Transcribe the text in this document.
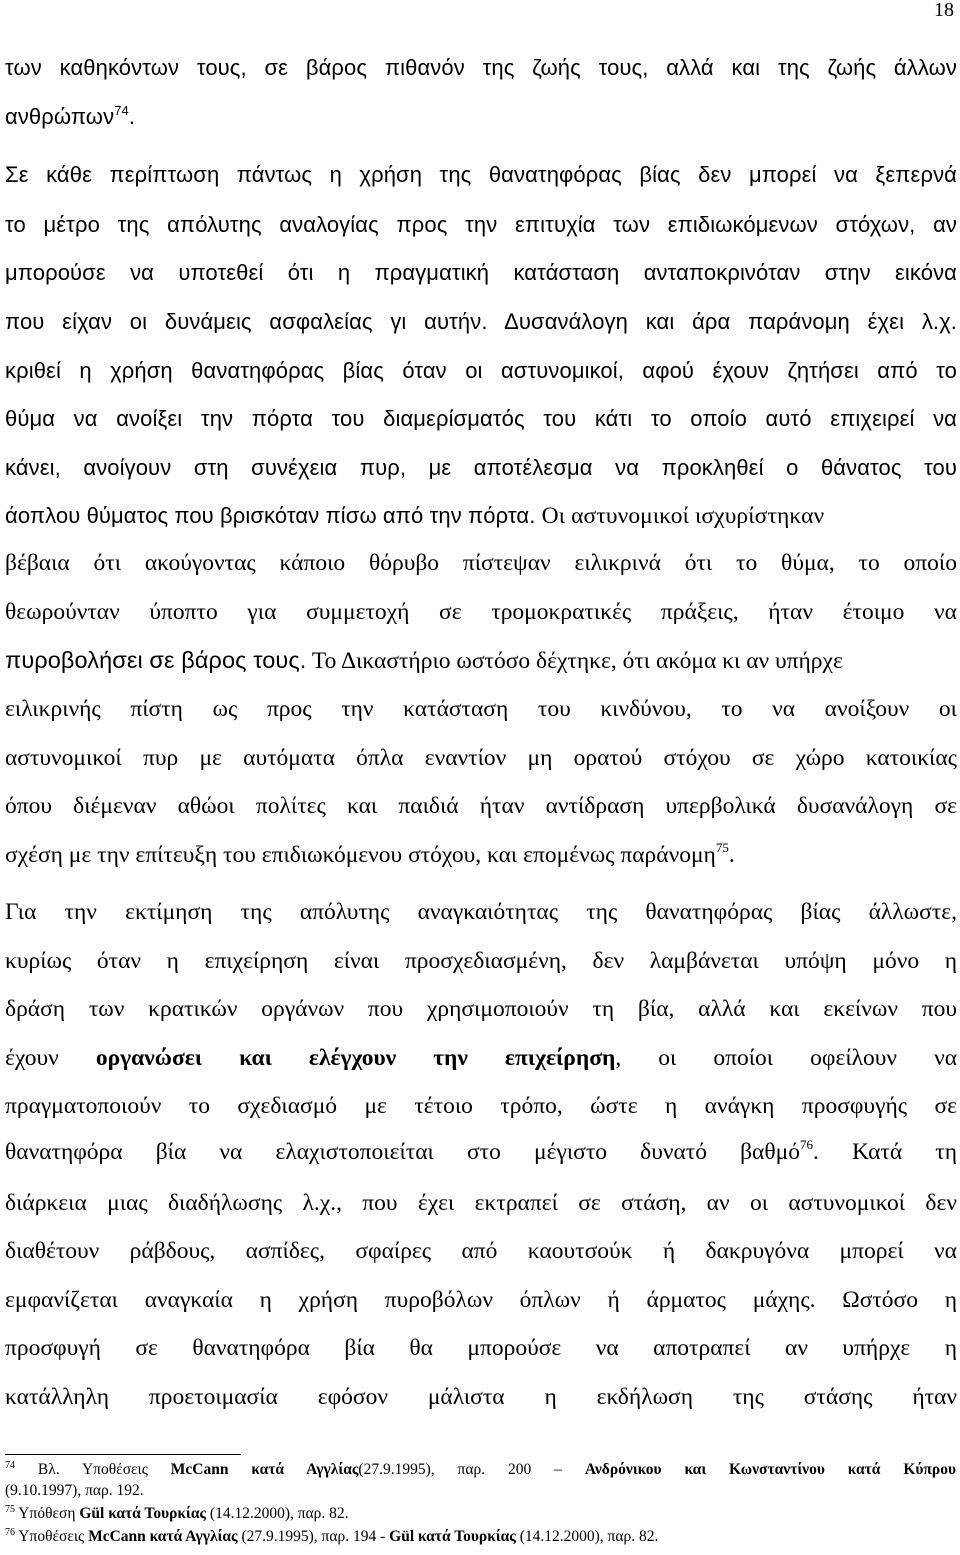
18
των καθηκόντων τους, σε βάρος πιθανόν της ζωής τους, αλλά και της ζωής άλλων
ανθρώπων$^{74}$.
Σε κάθε περίπτωση πάντως η χρήση της θανατηφόρας βίας δεν μπορεί να ξεπερνά
το μέτρο της απόλυτης αναλογίας προς την επιτυχία των επιδιωκόμενων στόχων, αν
μπορούσε να υποτεθεί ότι η πραγματική κατάσταση ανταποκρινόταν στην εικόνα
που είχαν οι δυνάμεις ασφαλείας γι αυτήν. Δυσανάλογη και άρα παράνομη έχει λ.χ.
κριθεί η χρήση θανατηφόρας βίας όταν οι αστυνομικοί, αφού έχουν ζητήσει από το
θύμα να ανοίξει την πόρτα του διαμερίσματός του κάτι το οποίο αυτό επιχειρεί να
κάνει, ανοίγουν στη συνέχεια πυρ, με αποτέλεσμα να προκληθεί ο θάνατος του
άοπλου θύματος που βρισκόταν πίσω από την πόρτα. Οι αστυνομικοί ισχυρίστηκαν
βέβαια ότι ακούγοντας κάποιο θόρυβο πίστεψαν ειλικρινά ότι το θύμα, το οποίο
θεωρούνταν ύποπτο για συμμετοχή σε τρομοκρατικές πράξεις, ήταν έτοιμο να
πυροβολήσει σε βάρος τους. Το Δικαστήριο ωστόσο δέχτηκε, ότι ακόμα κι αν υπήρχε
ειλικρινής πίστη ως προς την κατάσταση του κινδύνου, το να ανοίξουν οι
αστυνομικοί πυρ με αυτόματα όπλα εναντίον μη ορατού στόχου σε χώρο κατοικίας
όπου διέμεναν αθώοι πολίτες και παιδιά ήταν αντίδραση υπερβολικά δυσανάλογη σε
σχέση με την επίτευξη του επιδιωκόμενου στόχου, και επομένως παράνομη$^{75}$.
Για την εκτίμηση της απόλυτης αναγκαιότητας της θανατηφόρας βίας άλλωστε,
κυρίως όταν η επιχείρηση είναι προσχεδιασμένη, δεν λαμβάνεται υπόψη μόνο η
δράση των κρατικών οργάνων που χρησιμοποιούν τη βία, αλλά και εκείνων που
έχουν οργανώσει και ελέγχουν την επιχείρηση, οι οποίοι οφείλουν να
πραγματοποιούν το σχεδιασμό με τέτοιο τρόπο, ώστε η ανάγκη προσφυγής σε
θανατηφόρα βία να ελαχιστοποιείται στο μέγιστο δυνατό βαθμό$^{76}$. Κατά τη
διάρκεια μιας διαδήλωσης λ.χ., που έχει εκτραπεί σε στάση, αν οι αστυνομικοί δεν
διαθέτουν ράβδους, ασπίδες, σφαίρες από καουτσούκ ή δακρυγόνα μπορεί να
εμφανίζεται αναγκαία η χρήση πυροβόλων όπλων ή άρματος μάχης. Ωστόσο η
προσφυγή σε θανατηφόρα βία θα μπορούσε να αποτραπεί αν υπήρχε η
κατάλληλη προετοιμασία εφόσον μάλιστα η εκδήλωση της στάσης ήταν
$^{74}$ Βλ. Υποθέσεις McCann κατά Αγγλίας(27.9.1995), παρ. 200 – Ανδρόνικου και Κωνσταντίνου κατά Κύπρου
(9.10.1997), παρ. 192.
$^{75}$ Υπόθεση Gül κατά Τουρκίας (14.12.2000), παρ. 82.
$^{76}$ Υποθέσεις McCann κατά Αγγλίας (27.9.1995), παρ. 194 - Gül κατά Τουρκίας (14.12.2000), παρ. 82.
